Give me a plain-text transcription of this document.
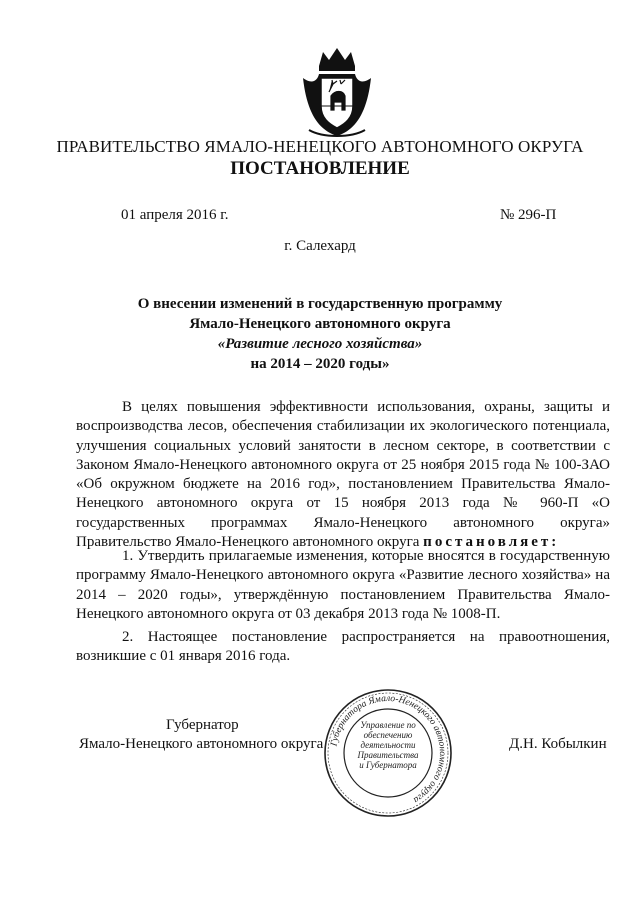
ПРАВИТЕЛЬСТВО ЯМАЛО-НЕНЕЦКОГО АВТОНОМНОГО ОКРУГА
ПОСТАНОВЛЕНИЕ
01 апреля 2016 г.	№ 296-П
г. Салехард
О внесении изменений в государственную программу
Ямало-Ненецкого автономного округа
«Развитие лесного хозяйства»
на 2014 – 2020 годы»
В целях повышения эффективности использования, охраны, защиты и воспроизводства лесов, обеспечения стабилизации их экологического потенциала, улучшения социальных условий занятости в лесном секторе, в соответствии с Законом Ямало-Ненецкого автономного округа от 25 ноября 2015 года № 100-ЗАО «Об окружном бюджете на 2016 год», постановлением Правительства Ямало-Ненецкого автономного округа от 15 ноября 2013 года № 960-П «О государственных программах Ямало-Ненецкого автономного округа» Правительство Ямало-Ненецкого автономного округа постановляет:
1. Утвердить прилагаемые изменения, которые вносятся в государственную программу Ямало-Ненецкого автономного округа «Развитие лесного хозяйства» на 2014 – 2020 годы», утверждённую постановлением Правительства Ямало-Ненецкого автономного округа от 03 декабря 2013 года № 1008-П.
2. Настоящее постановление распространяется на правоотношения, возникшие с 01 января 2016 года.
Губернатор
Ямало-Ненецкого автономного округа	Д.Н. Кобылкин
Губернатора Ямало-Ненецкого автономного округа
Управление по
обеспечению
деятельности
Правительства
и Губернатора
